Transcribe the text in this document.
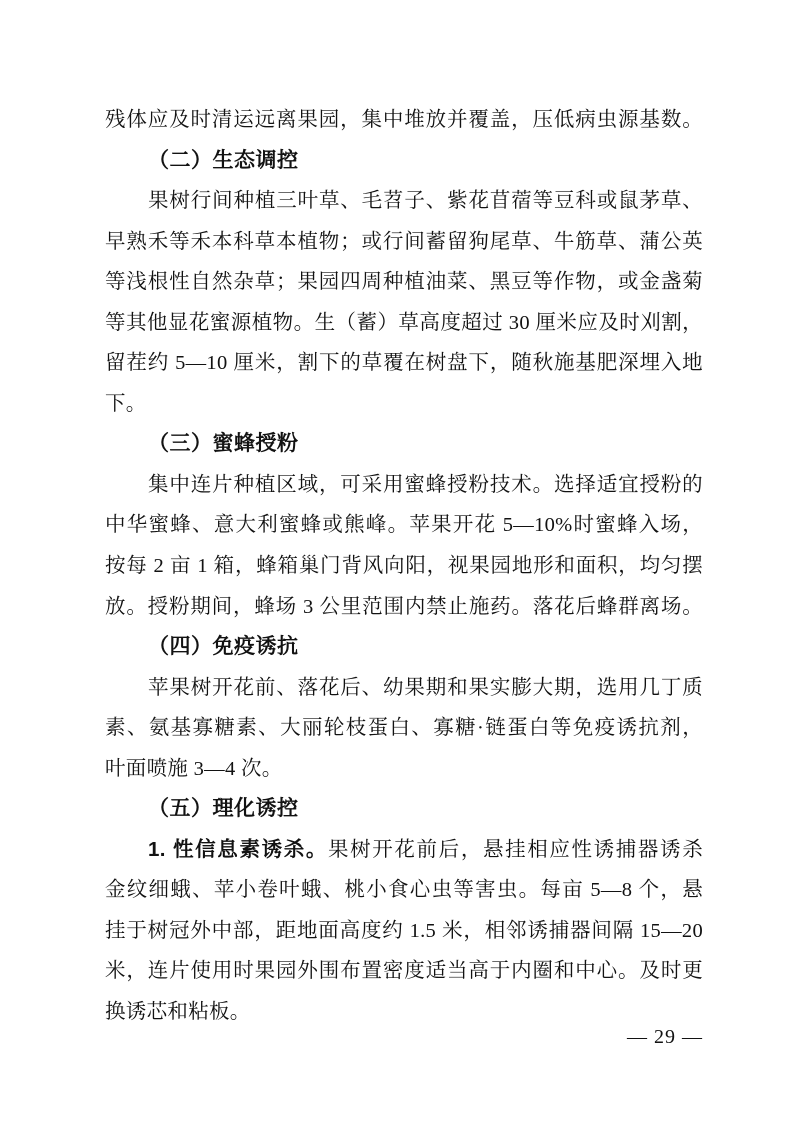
残体应及时清运远离果园，集中堆放并覆盖，压低病虫源基数。
（二）生态调控
果树行间种植三叶草、毛苕子、紫花苜蓿等豆科或鼠茅草、
早熟禾等禾本科草本植物；或行间蓄留狗尾草、牛筋草、蒲公英
等浅根性自然杂草；果园四周种植油菜、黑豆等作物，或金盏菊
等其他显花蜜源植物。生（蓄）草高度超过 30 厘米应及时刈割，
留茬约 5—10 厘米，割下的草覆在树盘下，随秋施基肥深埋入地
下。
（三）蜜蜂授粉
集中连片种植区域，可采用蜜蜂授粉技术。选择适宜授粉的
中华蜜蜂、意大利蜜蜂或熊峰。苹果开花 5—10%时蜜蜂入场，
按每 2 亩 1 箱，蜂箱巢门背风向阳，视果园地形和面积，均匀摆
放。授粉期间，蜂场 3 公里范围内禁止施药。落花后蜂群离场。
（四）免疫诱抗
苹果树开花前、落花后、幼果期和果实膨大期，选用几丁质
素、氨基寡糖素、大丽轮枝蛋白、寡糖·链蛋白等免疫诱抗剂，
叶面喷施 3—4 次。
（五）理化诱控
1. 性信息素诱杀。果树开花前后，悬挂相应性诱捕器诱杀
金纹细蛾、苹小卷叶蛾、桃小食心虫等害虫。每亩 5—8 个，悬
挂于树冠外中部，距地面高度约 1.5 米，相邻诱捕器间隔 15—20
米，连片使用时果园外围布置密度适当高于内圈和中心。及时更
换诱芯和粘板。
— 29 —
